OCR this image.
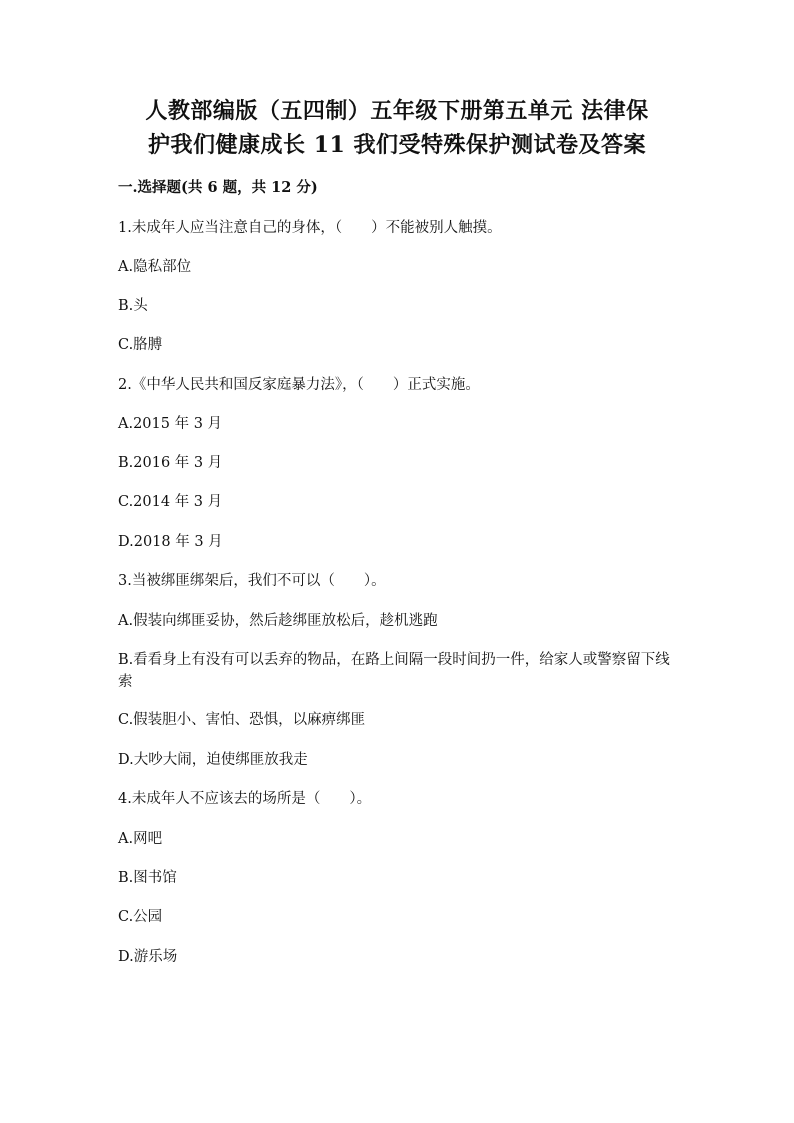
人教部编版（五四制）五年级下册第五单元 法律保
护我们健康成长 11 我们受特殊保护测试卷及答案
一.选择题(共 6 题，共 12 分)
1.未成年人应当注意自己的身体，（　　）不能被别人触摸。
A.隐私部位
B.头
C.胳膊
2.《中华人民共和国反家庭暴力法》，（　　）正式实施。
A.2015 年 3 月
B.2016 年 3 月
C.2014 年 3 月
D.2018 年 3 月
3.当被绑匪绑架后，我们不可以（　　）。
A.假装向绑匪妥协，然后趁绑匪放松后，趁机逃跑
B.看看身上有没有可以丢弃的物品，在路上间隔一段时间扔一件，给家人或警察留下线索
C.假装胆小、害怕、恐惧，以麻痹绑匪
D.大吵大闹，迫使绑匪放我走
4.未成年人不应该去的场所是（　　）。
A.网吧
B.图书馆
C.公园
D.游乐场
